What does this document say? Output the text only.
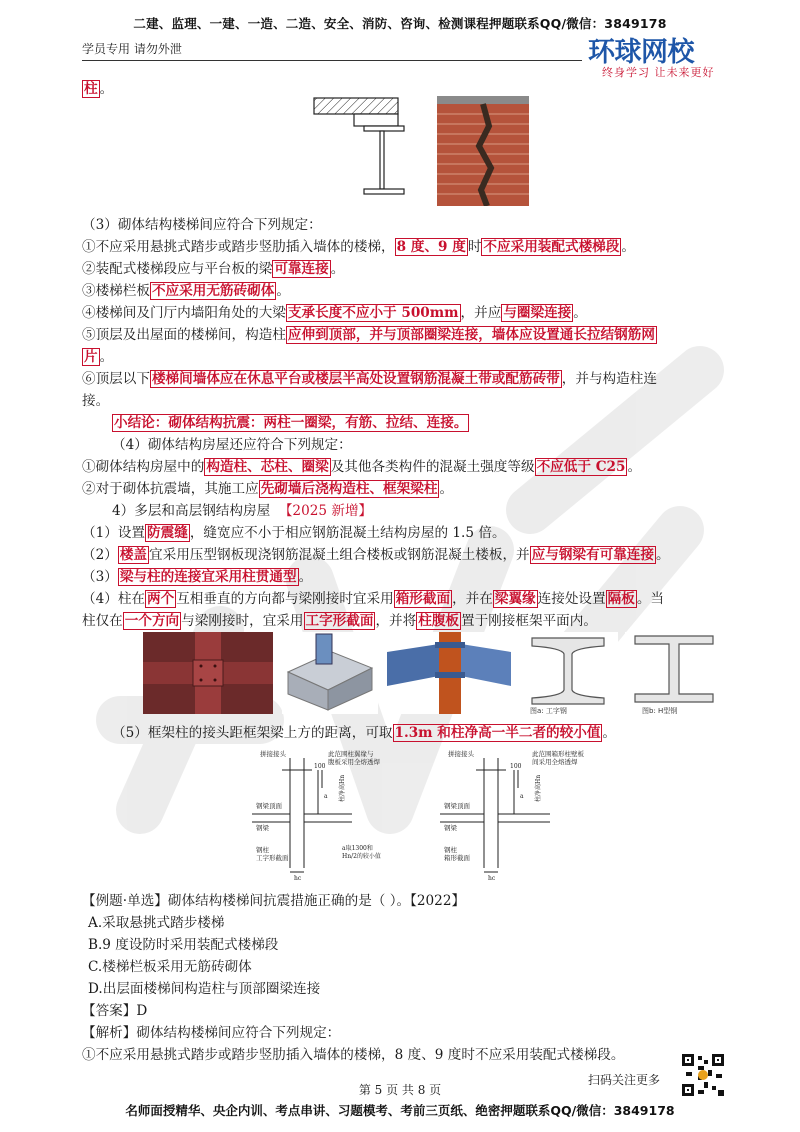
二建、监理、一建、一造、二造、安全、消防、咨询、检测课程押题联系QQ/微信：3849178
学员专用 请勿外泄	环球网校
终身学习 让未来更好
柱 。
（3）砌体结构楼梯间应符合下列规定：
①不应采用悬挑式踏步或踏步竖肋插入墙体的楼梯， 8 度、9 度 时 不应采用装配式楼梯段 。
②装配式楼梯段应与平台板的梁 可靠连接 。
③楼梯栏板 不应采用无筋砖砌体 。
④楼梯间及门厅内墙阳角处的大梁 支承长度不应小于 500mm ，并应 与圈梁连接 。
⑤顶层及出屋面的楼梯间，构造柱 应伸到顶部，并与顶部圈梁连接，墙体应设置通长拉结钢筋网
片 。
⑥顶层以下 楼梯间墙体应在休息平台或楼层半高处设置钢筋混凝土带或配筋砖带 ，并与构造柱连
接。
小结论：砌体结构抗震：两柱一圈梁，有筋、拉结、连接。
（4）砌体结构房屋还应符合下列规定：
①砌体结构房屋中的 构造柱、芯柱、圈梁 及其他各类构件的混凝土强度等级 不应低于 C25 。
②对于砌体抗震墙，其施工应 先砌墙后浇构造柱、框架梁柱 。
4）多层和高层钢结构房屋 【2025 新增】
（1）设置 防震缝 ，缝宽应不小于相应钢筋混凝土结构房屋的 1.5 倍。
（2） 楼盖 宜采用压型钢板现浇钢筋混凝土组合楼板或钢筋混凝土楼板，并 应与钢梁有可靠连接 。
（3） 梁与柱的连接宜采用柱贯通型 。
（4）柱在 两个 互相垂直的方向都与梁刚接时宜采用 箱形截面 ，并在 梁翼缘 连接处设置 隔板 。当
柱仅在 一个方向 与梁刚接时，宜采用 工字形截面 ，并将 柱腹板 置于刚接框架平面内。
图a: 工字钢	图b: H型钢
（5）框架柱的接头距框架梁上方的距离，可取 1.3m 和柱净高一半二者的较小值 。
拼接接头	此范围柱翼缘与
腹板采用全熔透焊
钢梁顶面
钢梁
钢柱
工字形截面
a取1300和
Hn/2的较小值
100
a
hc
柱净高Hn
拼接接头	此范围箱形柱壁板
间采用全熔透焊
钢梁顶面
钢梁
钢柱
箱形截面
100
a
hc
柱净高Hn
【例题·单选】砌体结构楼梯间抗震措施正确的是（ ）。【2022】
A.采取悬挑式踏步楼梯
B.9 度设防时采用装配式楼梯段
C.楼梯栏板采用无筋砖砌体
D.出层面楼梯间构造柱与顶部圈梁连接
【答案】D
【解析】砌体结构楼梯间应符合下列规定：
①不应采用悬挑式踏步或踏步竖肋插入墙体的楼梯，8 度、9 度时不应采用装配式楼梯段。
扫码关注更多
第 5 页 共 8 页
名师面授精华、央企内训、考点串讲、习题模考、考前三页纸、绝密押题联系QQ/微信：3849178
